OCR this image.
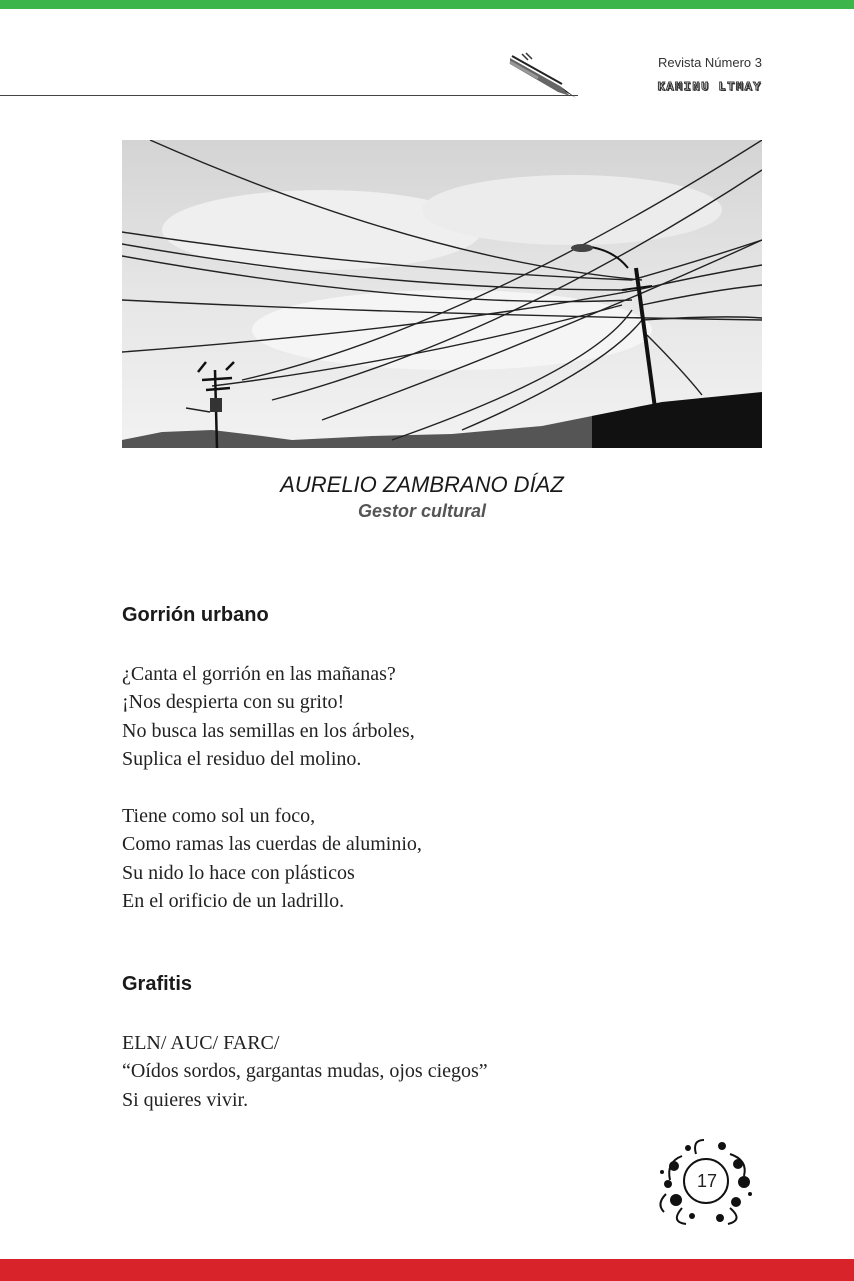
Revista Número 3
KAMINU LTMAY
AURELIO ZAMBRANO DÍAZ
Gestor cultural
Gorrión urbano
¿Canta el gorrión en las mañanas?
¡Nos despierta con su grito!
No busca las semillas en los árboles,
Suplica el residuo del molino.
Tiene como sol un foco,
Como ramas las cuerdas de aluminio,
Su nido lo hace con plásticos
En el orificio de un ladrillo.
Grafitis
ELN/ AUC/ FARC/
“Oídos sordos, gargantas mudas, ojos ciegos”
Si quieres vivir.
17
